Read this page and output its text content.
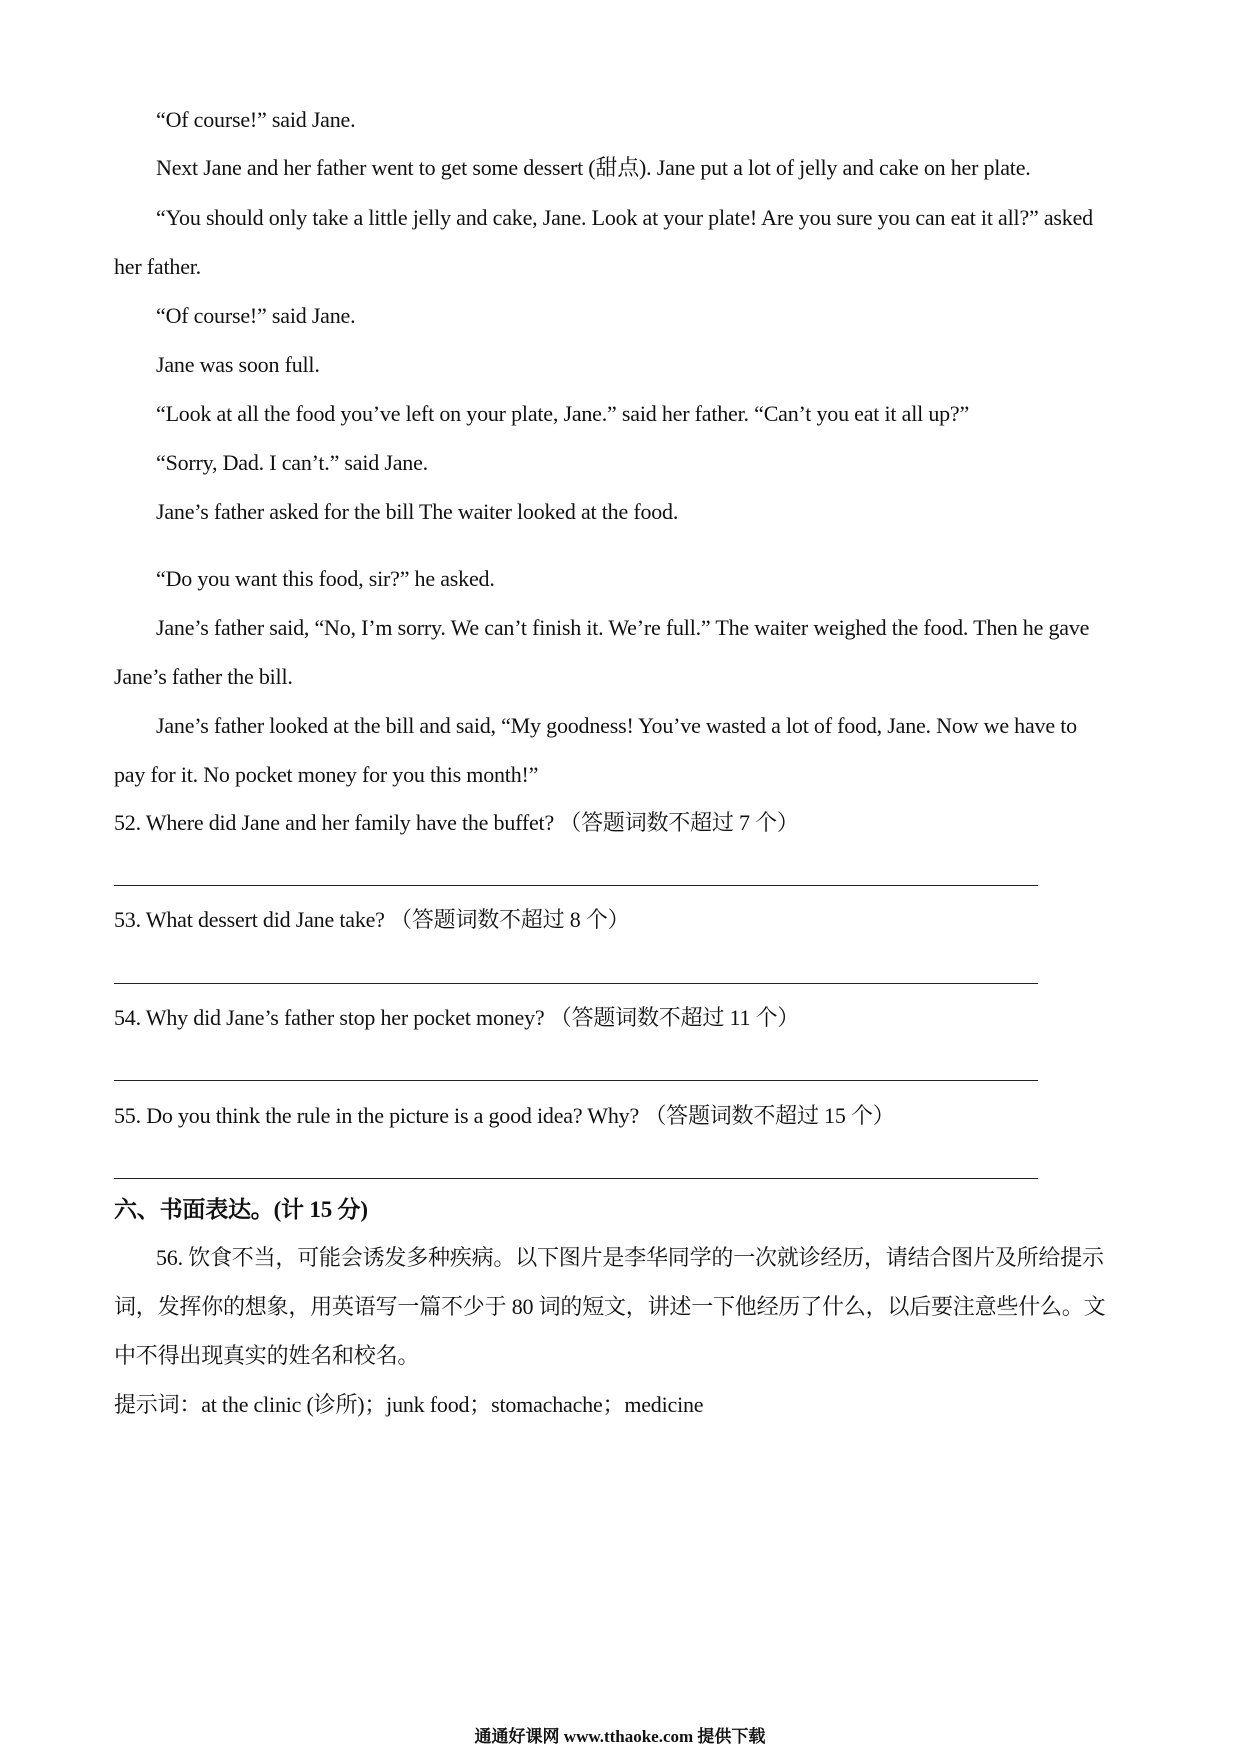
“Of course!” said Jane.
Next Jane and her father went to get some dessert (甜点). Jane put a lot of jelly and cake on her plate.
“You should only take a little jelly and cake, Jane. Look at your plate! Are you sure you can eat it all?” asked
her father.
“Of course!” said Jane.
Jane was soon full.
“Look at all the food you’ve left on your plate, Jane.” said her father. “Can’t you eat it all up?”
“Sorry, Dad. I can’t.” said Jane.
Jane’s father asked for the bill The waiter looked at the food.
“Do you want this food, sir?” he asked.
Jane’s father said, “No, I’m sorry. We can’t finish it. We’re full.” The waiter weighed the food. Then he gave
Jane’s father the bill.
Jane’s father looked at the bill and said, “My goodness! You’ve wasted a lot of food, Jane. Now we have to
pay for it. No pocket money for you this month!”
52. Where did Jane and her family have the buffet? （答题词数不超过 7 个）
53. What dessert did Jane take? （答题词数不超过 8 个）
54. Why did Jane’s father stop her pocket money? （答题词数不超过 11 个）
55. Do you think the rule in the picture is a good idea? Why? （答题词数不超过 15 个）
六、书面表达。(计 15 分)
56. 饮食不当，可能会诱发多种疾病。以下图片是李华同学的一次就诊经历，请结合图片及所给提示
词，发挥你的想象，用英语写一篇不少于 80 词的短文，讲述一下他经历了什么，以后要注意些什么。文
中不得出现真实的姓名和校名。
提示词：at the clinic (诊所)；junk food；stomachache；medicine
通通好课网 www.tthaoke.com 提供下载
